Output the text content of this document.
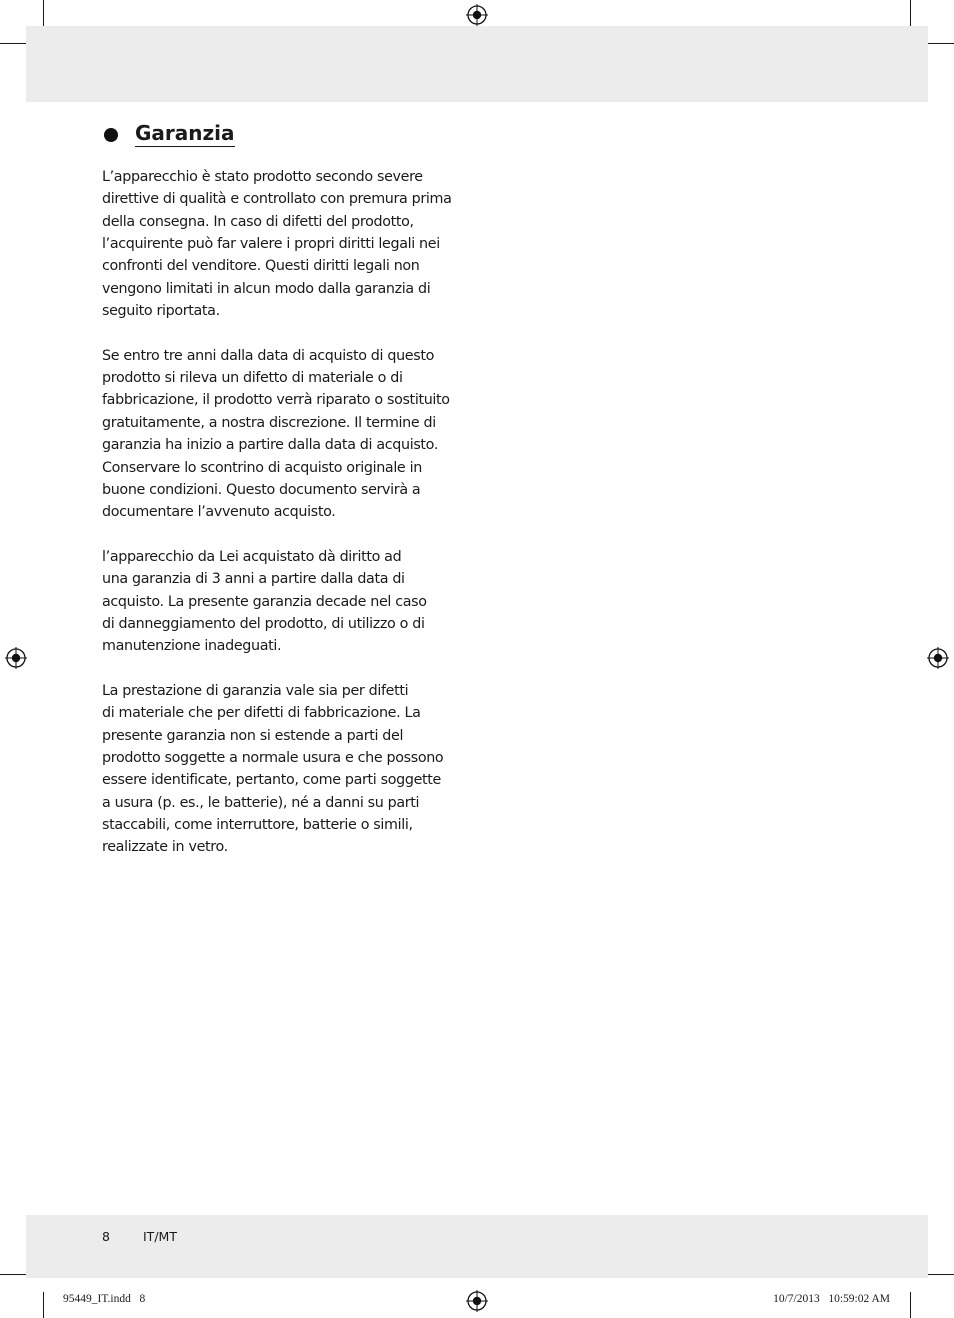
Garanzia

L’apparecchio è stato prodotto secondo severe
direttive di qualità e controllato con premura prima
della consegna. In caso di difetti del prodotto,
l’acquirente può far valere i propri diritti legali nei
confronti del venditore. Questi diritti legali non
vengono limitati in alcun modo dalla garanzia di
seguito riportata.

Se entro tre anni dalla data di acquisto di questo
prodotto si rileva un difetto di materiale o di
fabbricazione, il prodotto verrà riparato o sostituito
gratuitamente, a nostra discrezione. Il termine di
garanzia ha inizio a partire dalla data di acquisto.
Conservare lo scontrino di acquisto originale in
buone condizioni. Questo documento servirà a
documentare l’avvenuto acquisto.

l’apparecchio da Lei acquistato dà diritto ad
una garanzia di 3 anni a partire dalla data di
acquisto. La presente garanzia decade nel caso
di danneggiamento del prodotto, di utilizzo o di
manutenzione inadeguati.

La prestazione di garanzia vale sia per difetti
di materiale che per difetti di fabbricazione. La
presente garanzia non si estende a parti del
prodotto soggette a normale usura e che possono
essere identificate, pertanto, come parti soggette
a usura (p. es., le batterie), né a danni su parti
staccabili, come interruttore, batterie o simili,
realizzate in vetro.

8	IT/MT
95449_IT.indd   8	10/7/2013   10:59:02 AM
